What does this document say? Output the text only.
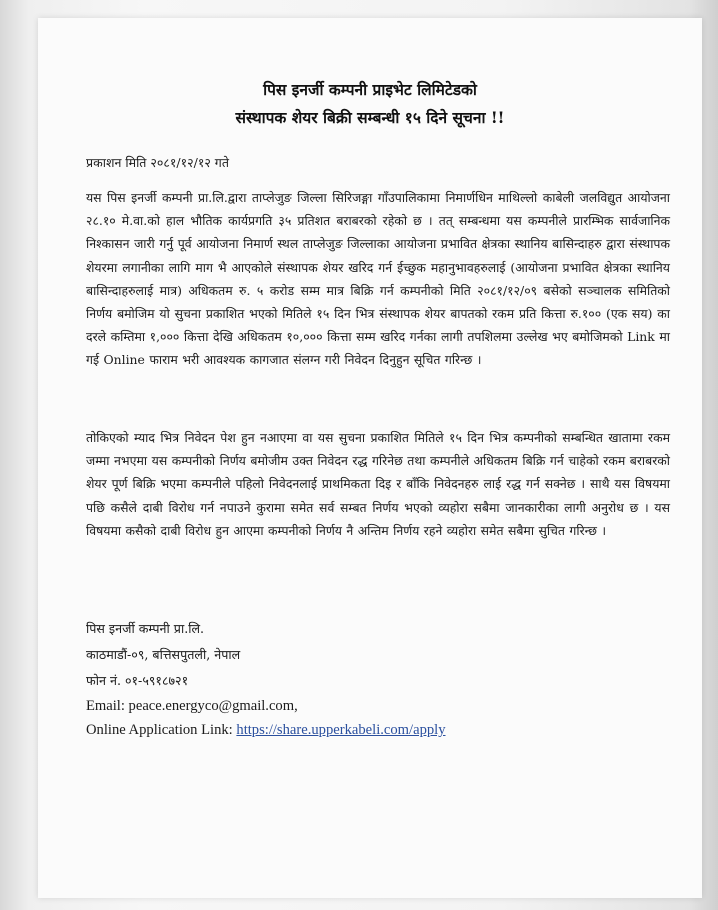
पिस इनर्जी कम्पनी प्राइभेट लिमिटेडको
संस्थापक शेयर बिक्री सम्बन्धी १५ दिने सूचना !!
प्रकाशन मिति २०८१/१२/१२ गते
यस पिस इनर्जी कम्पनी प्रा.लि.द्वारा ताप्लेजुङ जिल्ला सिरिजङ्गा गाँउपालिकामा निमार्णधिन माथिल्लो काबेली जलविद्युत आयोजना २८.१० मे.वा.को हाल भौतिक कार्यप्रगति ३५ प्रतिशत बराबरको रहेको छ । तत् सम्बन्धमा यस कम्पनीले प्रारम्भिक सार्वजानिक निश्कासन जारी गर्नु पूर्व आयोजना निमार्ण स्थल ताप्लेजुङ जिल्लाका आयोजना प्रभावित क्षेत्रका स्थानिय बासिन्दाहरु द्वारा संस्थापक शेयरमा लगानीका लागि माग भै आएकोले संस्थापक शेयर खरिद गर्न ईच्छुक महानुभावहरुलाई (आयोजना प्रभावित क्षेत्रका स्थानिय बासिन्दाहरुलाई मात्र) अधिकतम रु. ५ करोड सम्म मात्र बिक्रि गर्न कम्पनीको मिति २०८१/१२/०९ बसेको सञ्चालक समितिको निर्णय बमोजिम यो सुचना प्रकाशित भएको मितिले १५ दिन भित्र संस्थापक शेयर बापतको रकम प्रति कित्ता रु.१०० (एक सय) का दरले कम्तिमा १,००० कित्ता देखि अधिकतम १०,००० कित्ता सम्म खरिद गर्नका लागी तपशिलमा उल्लेख भए बमोजिमको Link मा गई Online फाराम भरी आवश्यक कागजात संलग्न गरी निवेदन दिनुहुन सूचित गरिन्छ ।
तोकिएको म्याद भित्र निवेदन पेश हुन नआएमा वा यस सुचना प्रकाशित मितिले १५ दिन भित्र कम्पनीको सम्बन्धित खातामा रकम जम्मा नभएमा यस कम्पनीको निर्णय बमोजीम उक्त निवेदन रद्ध गरिनेछ तथा कम्पनीले अधिकतम बिक्रि गर्न चाहेको रकम बराबरको शेयर पूर्ण बिक्रि भएमा कम्पनीले पहिलो निवेदनलाई प्राथमिकता दिइ र बाँकि निवेदनहरु लाई रद्ध गर्न सक्नेछ । साथै यस विषयमा पछि कसैले दाबी विरोध गर्न नपाउने कुरामा समेत सर्व सम्बत निर्णय भएको व्यहोरा सबैमा जानकारीका लागी अनुरोध छ । यस विषयमा कसैको दाबी विरोध हुन आएमा कम्पनीको निर्णय नै अन्तिम निर्णय रहने व्यहोरा समेत सबैमा सुचित गरिन्छ ।
पिस इनर्जी कम्पनी प्रा.लि.
काठमाडौं-०९, बत्तिसपुतली, नेपाल
फोन नं. ०१-५९१८७२१
Email: peace.energyco@gmail.com,
Online Application Link: https://share.upperkabeli.com/apply
